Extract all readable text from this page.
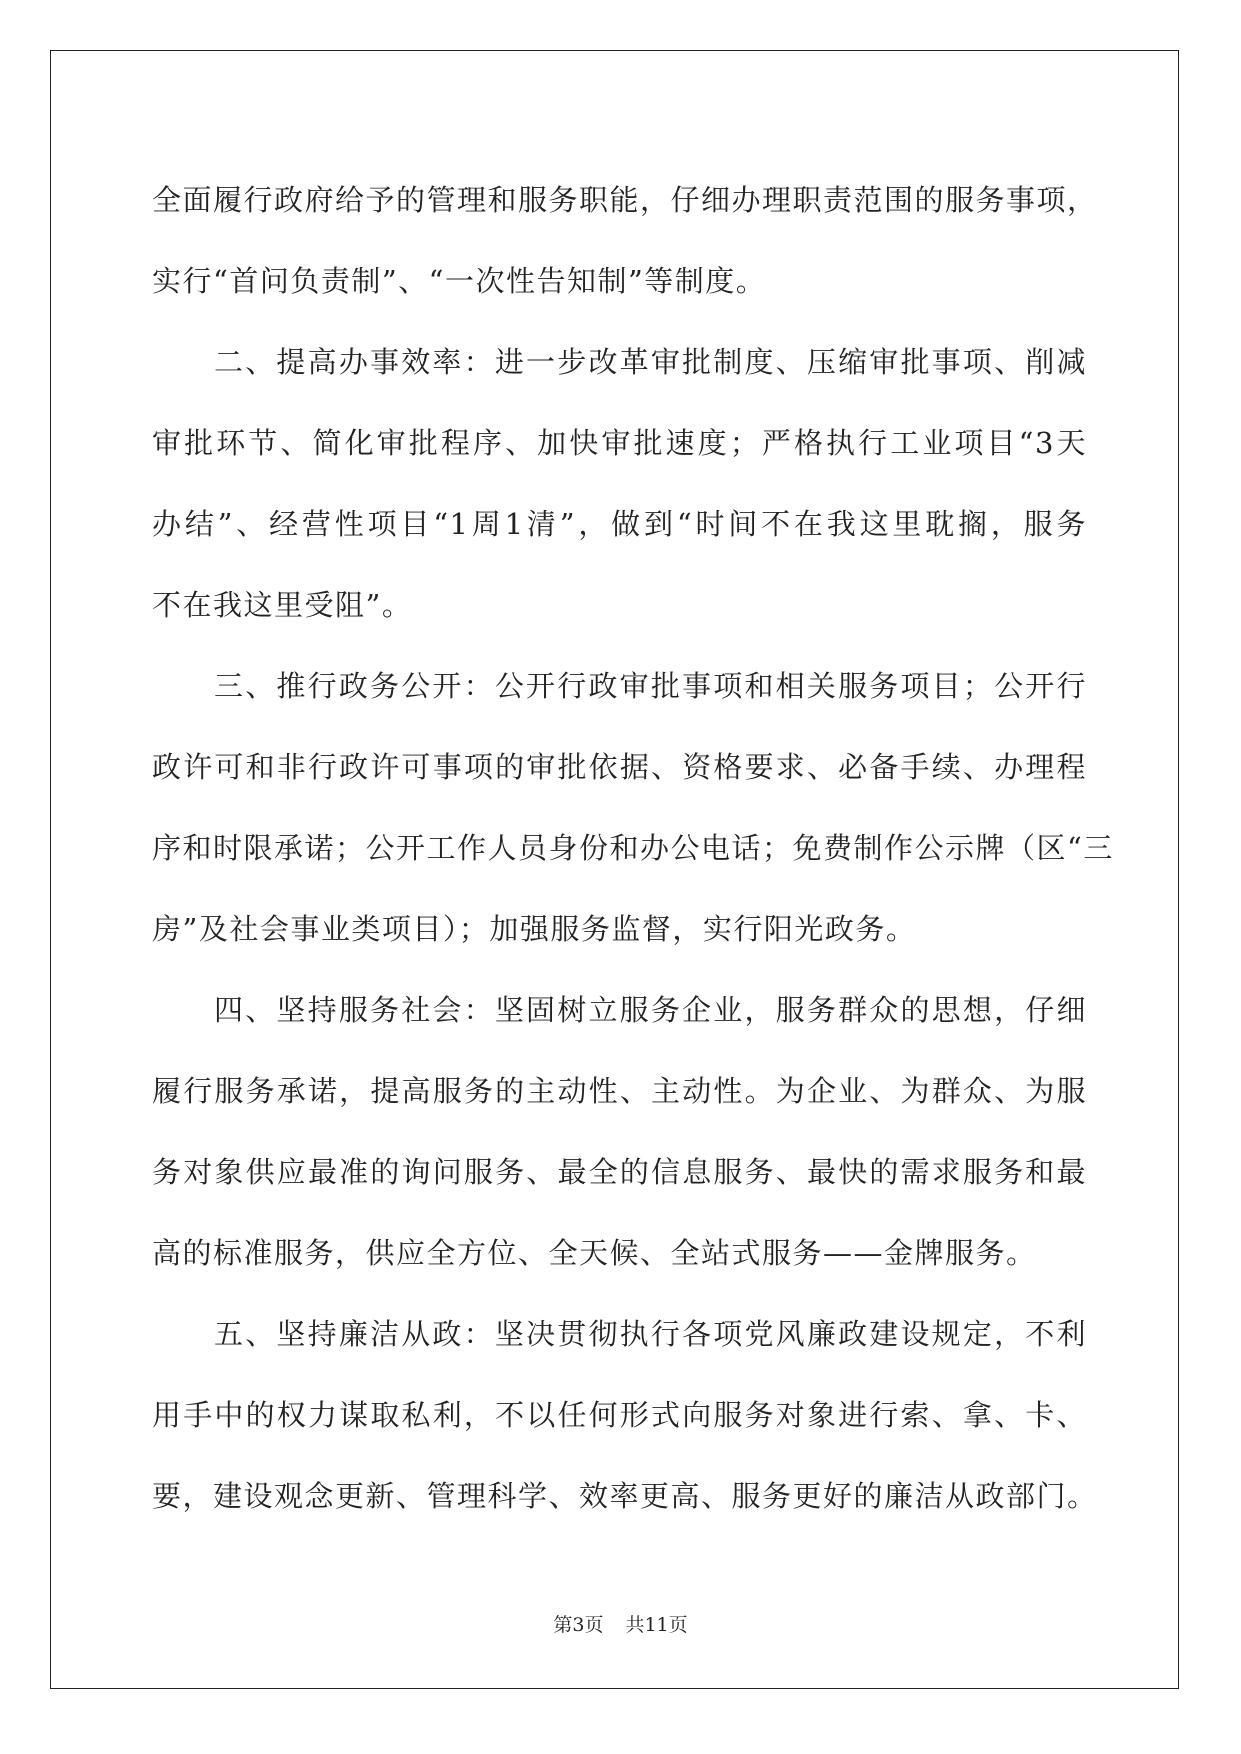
全面履行政府给予的管理和服务职能，仔细办理职责范围的服务事项，
实行“首问负责制”、“一次性告知制”等制度。
二、提高办事效率：进一步改革审批制度、压缩审批事项、削减
审批环节、简化审批程序、加快审批速度；严格执行工业项目“3天
办结”、经营性项目“1周1清”，做到“时间不在我这里耽搁，服务
不在我这里受阻”。
三、推行政务公开：公开行政审批事项和相关服务项目；公开行
政许可和非行政许可事项的审批依据、资格要求、必备手续、办理程
序和时限承诺；公开工作人员身份和办公电话；免费制作公示牌（区“三
房”及社会事业类项目）；加强服务监督，实行阳光政务。
四、坚持服务社会：坚固树立服务企业，服务群众的思想，仔细
履行服务承诺，提高服务的主动性、主动性。为企业、为群众、为服
务对象供应最准的询问服务、最全的信息服务、最快的需求服务和最
高的标准服务，供应全方位、全天候、全站式服务——金牌服务。
五、坚持廉洁从政：坚决贯彻执行各项党风廉政建设规定，不利
用手中的权力谋取私利，不以任何形式向服务对象进行索、拿、卡、
要，建设观念更新、管理科学、效率更高、服务更好的廉洁从政部门。
第3页 共11页
